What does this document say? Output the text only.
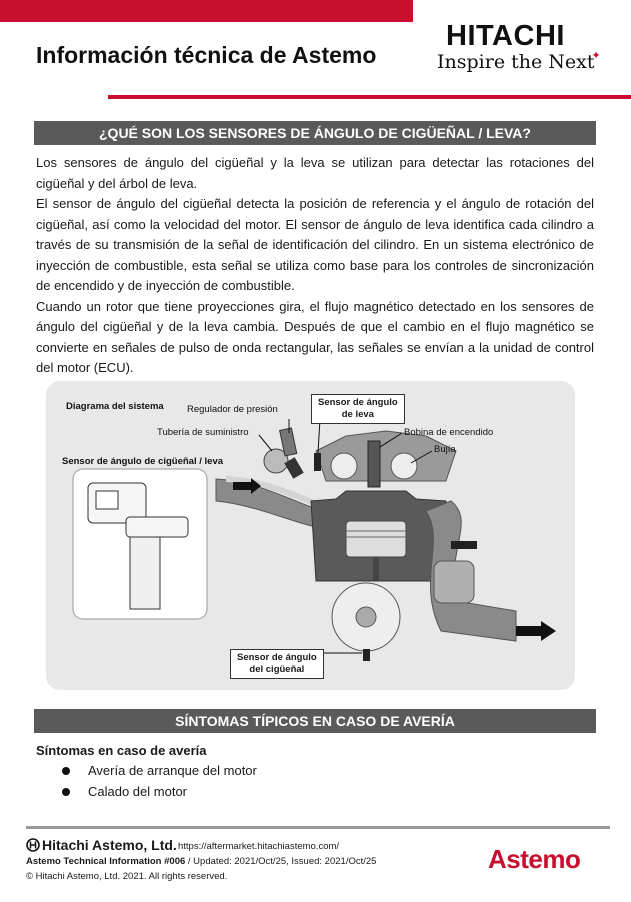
Información técnica de Astemo
HITACHI
Inspire the Next✦
¿QUÉ SON LOS SENSORES DE ÁNGULO DE CIGÜEÑAL / LEVA?

Los sensores de ángulo del cigüeñal y la leva se utilizan para detectar las rotaciones del cigüeñal y del árbol de leva.

El sensor de ángulo del cigüeñal detecta la posición de referencia y el ángulo de rotación del cigüeñal, así como la velocidad del motor. El sensor de ángulo de leva identifica cada cilindro a través de su transmisión de la señal de identificación del cilindro. En un sistema electrónico de inyección de combustible, esta señal se utiliza como base para los controles de sincronización de encendido y de inyección de combustible.

Cuando un rotor que tiene proyecciones gira, el flujo magnético detectado en los sensores de ángulo del cigüeñal y de la leva cambia. Después de que el cambio en el flujo magnético se convierte en señales de pulso de onda rectangular, las señales se envían a la unidad de control del motor (ECU).

Diagrama del sistema
Sensor de ángulo de cigüeñal / leva
Regulador de presión
Tubería de suministro
Sensor de ángulo
de leva
Bobina de encendido
Bujía
Sensor de ángulo
del cigüeñal
SÍNTOMAS TÍPICOS EN CASO DE AVERÍA
Síntomas en caso de avería
Avería de arranque del motor
Calado del motor
Hitachi Astemo, Ltd. https://aftermarket.hitachiastemo.com/
Astemo Technical Information #006 / Updated: 2021/Oct/25, Issued: 2021/Oct/25
© Hitachi Astemo, Ltd. 2021. All rights reserved.
Astemo
